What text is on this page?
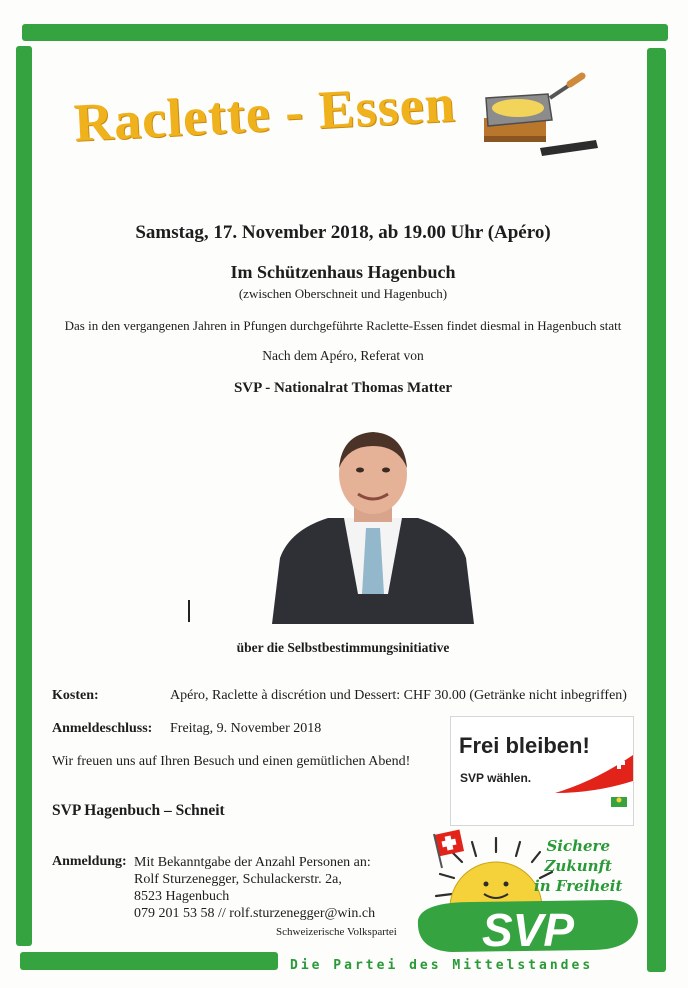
Raclette - Essen
Samstag, 17. November 2018, ab 19.00 Uhr (Apéro)
Im Schützenhaus Hagenbuch
(zwischen Oberschneit und Hagenbuch)
Das in den vergangenen Jahren in Pfungen durchgeführte Raclette-Essen findet diesmal in Hagenbuch statt
Nach dem Apéro, Referat von
SVP - Nationalrat Thomas Matter
über die Selbstbestimmungsinitiative
Kosten:	Apéro, Raclette à discrétion und Dessert: CHF 30.00 (Getränke nicht inbegriffen)
Anmeldeschluss: Freitag, 9. November 2018
Wir freuen uns auf Ihren Besuch und einen gemütlichen Abend!
SVP Hagenbuch – Schneit
Anmeldung: Mit Bekanntgabe der Anzahl Personen an:
Rolf Sturzenegger, Schulackerstr. 2a,
8523 Hagenbuch
079 201 53 58 // rolf.sturzenegger@win.ch
Schweizerische Volkspartei
Frei bleiben!
SVP wählen.
SVP
Sichere
Zukunft
in Freiheit
Die Partei des Mittelstandes
